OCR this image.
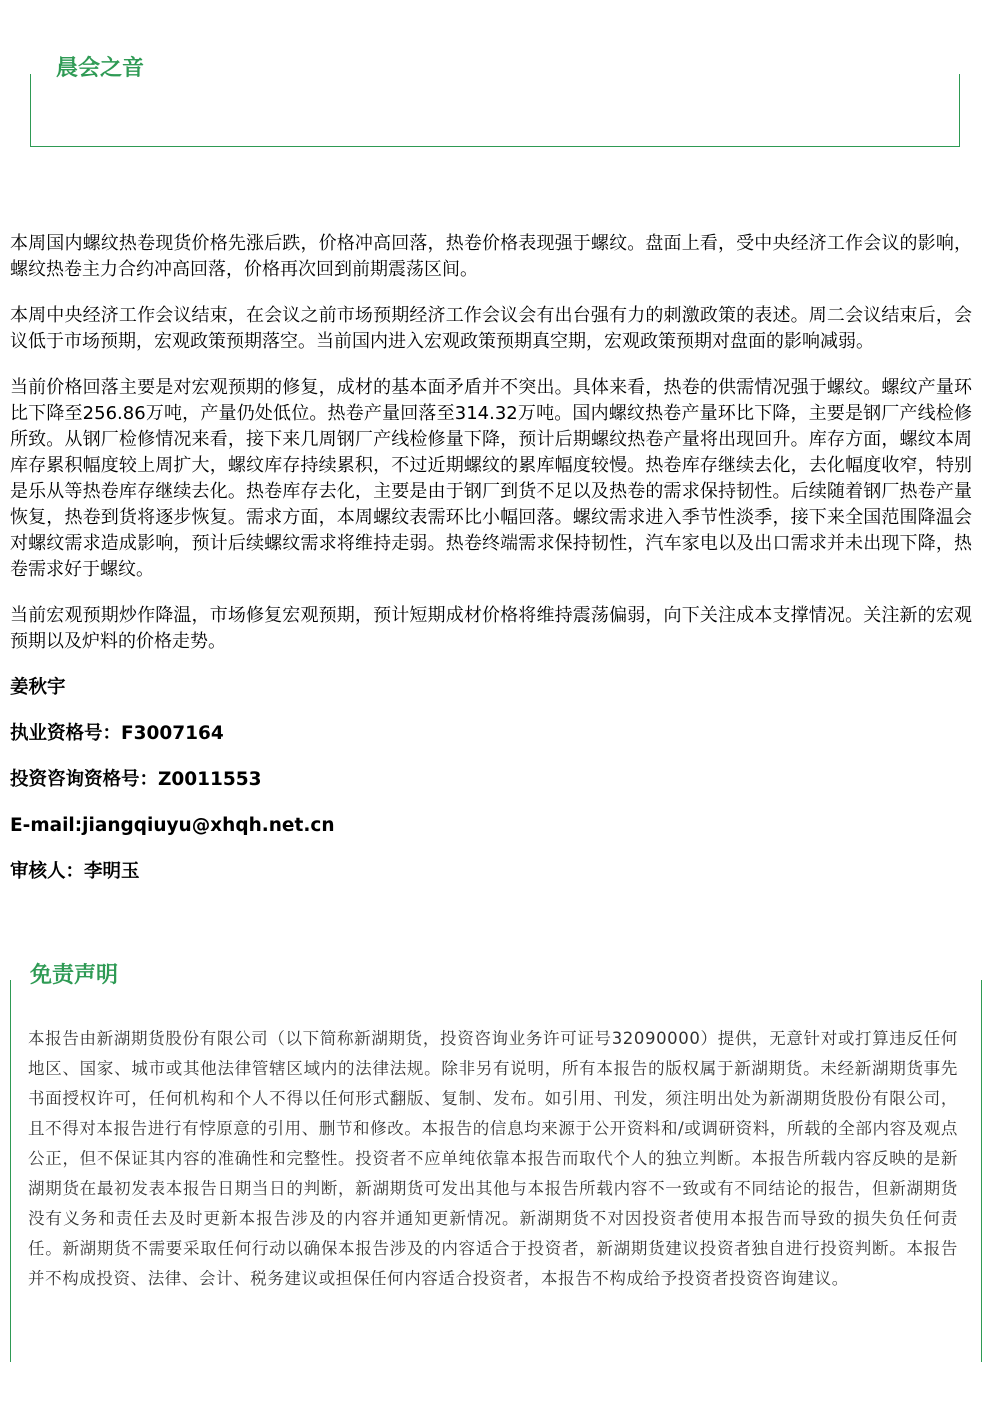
晨会之音

本周国内螺纹热卷现货价格先涨后跌，价格冲高回落，热卷价格表现强于螺纹。盘面上看，受中央经济工作会议的影响，螺纹热卷主力合约冲高回落，价格再次回到前期震荡区间。

本周中央经济工作会议结束，在会议之前市场预期经济工作会议会有出台强有力的刺激政策的表述。周二会议结束后，会议低于市场预期，宏观政策预期落空。当前国内进入宏观政策预期真空期，宏观政策预期对盘面的影响减弱。

当前价格回落主要是对宏观预期的修复，成材的基本面矛盾并不突出。具体来看，热卷的供需情况强于螺纹。螺纹产量环比下降至256.86万吨，产量仍处低位。热卷产量回落至314.32万吨。国内螺纹热卷产量环比下降，主要是钢厂产线检修所致。从钢厂检修情况来看，接下来几周钢厂产线检修量下降，预计后期螺纹热卷产量将出现回升。库存方面，螺纹本周库存累积幅度较上周扩大，螺纹库存持续累积，不过近期螺纹的累库幅度较慢。热卷库存继续去化，去化幅度收窄，特别是乐从等热卷库存继续去化。热卷库存去化，主要是由于钢厂到货不足以及热卷的需求保持韧性。后续随着钢厂热卷产量恢复，热卷到货将逐步恢复。需求方面，本周螺纹表需环比小幅回落。螺纹需求进入季节性淡季，接下来全国范围降温会对螺纹需求造成影响，预计后续螺纹需求将维持走弱。热卷终端需求保持韧性，汽车家电以及出口需求并未出现下降，热卷需求好于螺纹。

当前宏观预期炒作降温，市场修复宏观预期，预计短期成材价格将维持震荡偏弱，向下关注成本支撑情况。关注新的宏观预期以及炉料的价格走势。

姜秋宇

执业资格号：F3007164

投资咨询资格号：Z0011553

E-mail:jiangqiuyu@xhqh.net.cn

审核人：李明玉

免责声明
本报告由新湖期货股份有限公司（以下简称新湖期货，投资咨询业务许可证号32090000）提供，无意针对或打算违反任何地区、国家、城市或其他法律管辖区域内的法律法规。除非另有说明，所有本报告的版权属于新湖期货。未经新湖期货事先书面授权许可，任何机构和个人不得以任何形式翻版、复制、发布。如引用、刊发，须注明出处为新湖期货股份有限公司，且不得对本报告进行有悖原意的引用、删节和修改。本报告的信息均来源于公开资料和/或调研资料，所载的全部内容及观点公正，但不保证其内容的准确性和完整性。投资者不应单纯依靠本报告而取代个人的独立判断。本报告所载内容反映的是新湖期货在最初发表本报告日期当日的判断，新湖期货可发出其他与本报告所载内容不一致或有不同结论的报告，但新湖期货没有义务和责任去及时更新本报告涉及的内容并通知更新情况。新湖期货不对因投资者使用本报告而导致的损失负任何责任。新湖期货不需要采取任何行动以确保本报告涉及的内容适合于投资者，新湖期货建议投资者独自进行投资判断。本报告并不构成投资、法律、会计、税务建议或担保任何内容适合投资者，本报告不构成给予投资者投资咨询建议。
